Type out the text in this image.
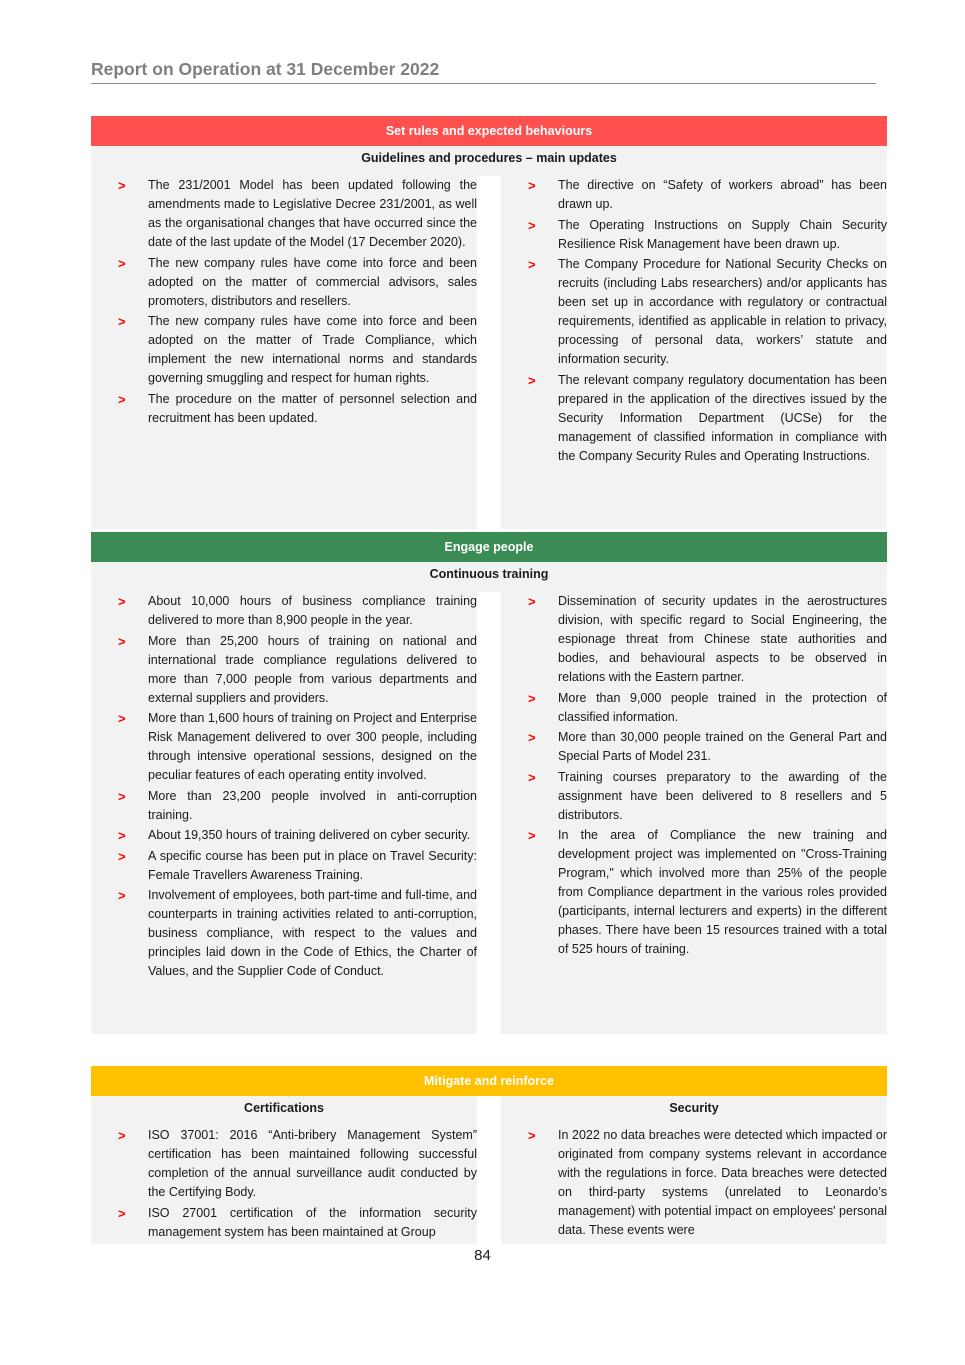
Report on Operation at 31 December 2022
Set rules and expected behaviours
Guidelines and procedures – main updates
> The 231/2001 Model has been updated following the amendments made to Legislative Decree 231/2001, as well as the organisational changes that have occurred since the date of the last update of the Model (17 December 2020).
> The new company rules have come into force and been adopted on the matter of commercial advisors, sales promoters, distributors and resellers.
> The new company rules have come into force and been adopted on the matter of Trade Compliance, which implement the new international norms and standards governing smuggling and respect for human rights.
> The procedure on the matter of personnel selection and recruitment has been updated.
> The directive on “Safety of workers abroad” has been drawn up.
> The Operating Instructions on Supply Chain Security Resilience Risk Management have been drawn up.
> The Company Procedure for National Security Checks on recruits (including Labs researchers) and/or applicants has been set up in accordance with regulatory or contractual requirements, identified as applicable in relation to privacy, processing of personal data, workers’ statute and information security.
> The relevant company regulatory documentation has been prepared in the application of the directives issued by the Security Information Department (UCSe) for the management of classified information in compliance with the Company Security Rules and Operating Instructions.
Engage people
Continuous training
> About 10,000 hours of business compliance training delivered to more than 8,900 people in the year.
> More than 25,200 hours of training on national and international trade compliance regulations delivered to more than 7,000 people from various departments and external suppliers and providers.
> More than 1,600 hours of training on Project and Enterprise Risk Management delivered to over 300 people, including through intensive operational sessions, designed on the peculiar features of each operating entity involved.
> More than 23,200 people involved in anti-corruption training.
> About 19,350 hours of training delivered on cyber security.
> A specific course has been put in place on Travel Security: Female Travellers Awareness Training.
> Involvement of employees, both part-time and full-time, and counterparts in training activities related to anti-corruption, business compliance, with respect to the values and principles laid down in the Code of Ethics, the Charter of Values, and the Supplier Code of Conduct.
> Dissemination of security updates in the aerostructures division, with specific regard to Social Engineering, the espionage threat from Chinese state authorities and bodies, and behavioural aspects to be observed in relations with the Eastern partner.
> More than 9,000 people trained in the protection of classified information.
> More than 30,000 people trained on the General Part and Special Parts of Model 231.
> Training courses preparatory to the awarding of the assignment have been delivered to 8 resellers and 5 distributors.
> In the area of Compliance the new training and development project was implemented on "Cross-Training Program," which involved more than 25% of the people from Compliance department in the various roles provided (participants, internal lecturers and experts) in the different phases. There have been 15 resources trained with a total of 525 hours of training.
Mitigate and reinforce
Certifications
> ISO 37001: 2016 “Anti-bribery Management System” certification has been maintained following successful completion of the annual surveillance audit conducted by the Certifying Body.
> ISO 27001 certification of the information security management system has been maintained at Group
Security
> In 2022 no data breaches were detected which impacted or originated from company systems relevant in accordance with the regulations in force. Data breaches were detected on third-party systems (unrelated to Leonardo’s management) with potential impact on employees' personal data. These events were
84
